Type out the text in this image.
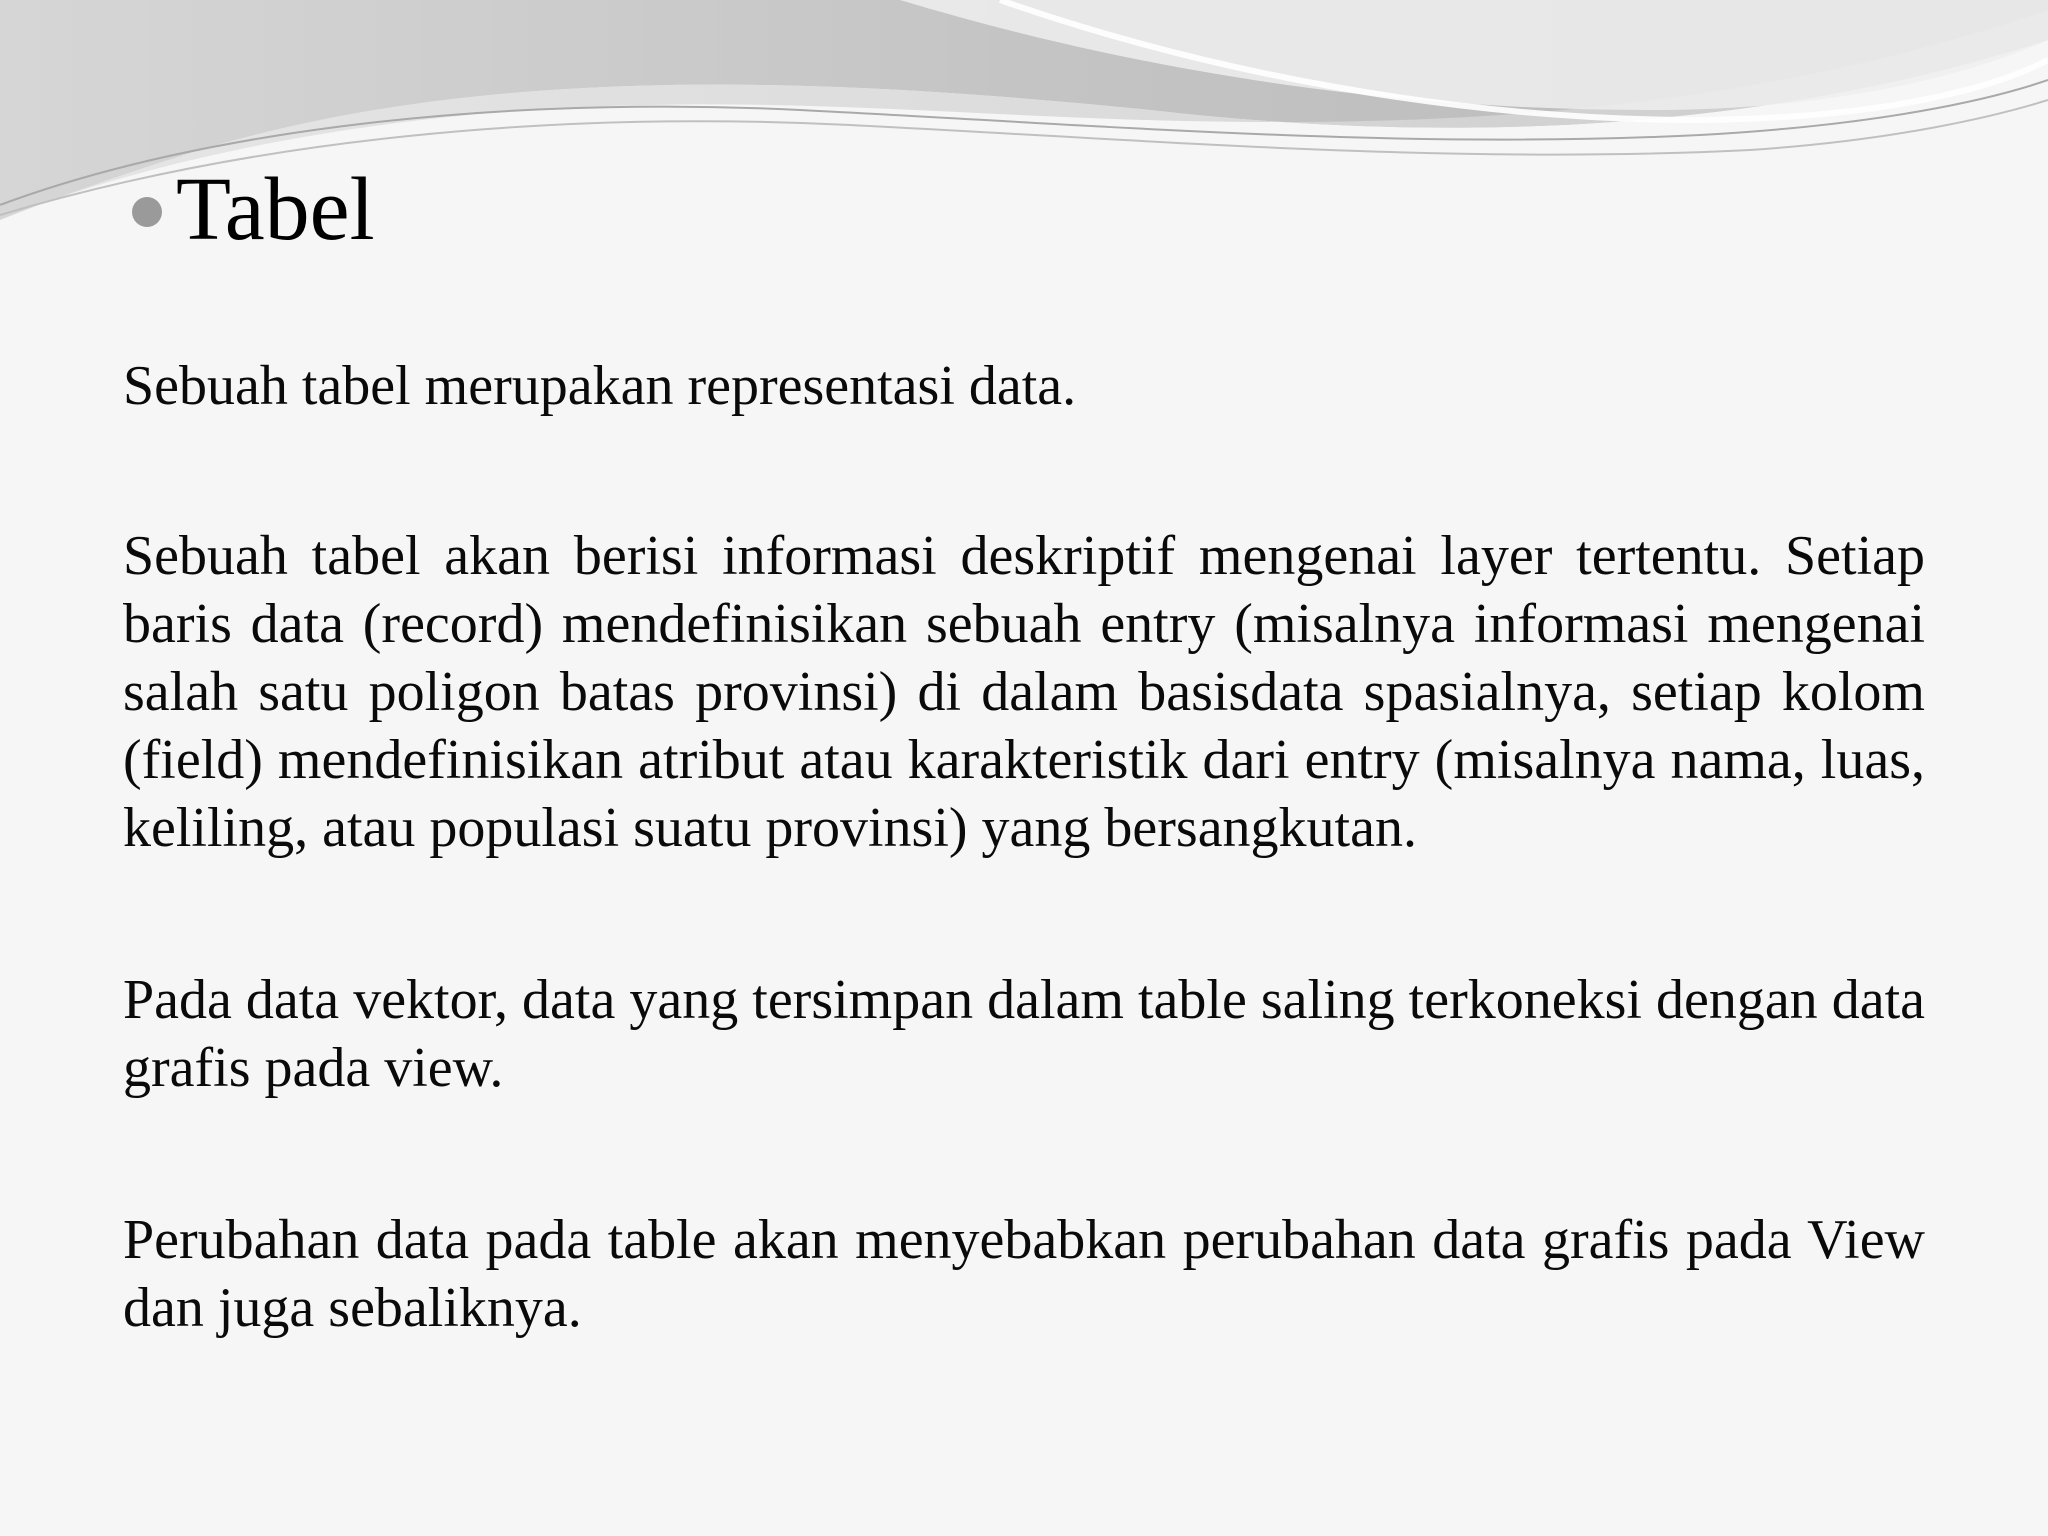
Tabel

Sebuah tabel merupakan representasi data.

Sebuah tabel akan berisi informasi deskriptif mengenai layer tertentu. Setiap baris data (record) mendefinisikan sebuah entry (misalnya informasi mengenai salah satu poligon batas provinsi) di dalam basisdata spasialnya, setiap kolom (field) mendefinisikan atribut atau karakteristik dari entry (misalnya nama, luas, keliling, atau populasi suatu provinsi) yang bersangkutan.

Pada data vektor, data yang tersimpan dalam table saling terkoneksi dengan data grafis pada view.

Perubahan data pada table akan menyebabkan perubahan data grafis pada View dan juga sebaliknya.
